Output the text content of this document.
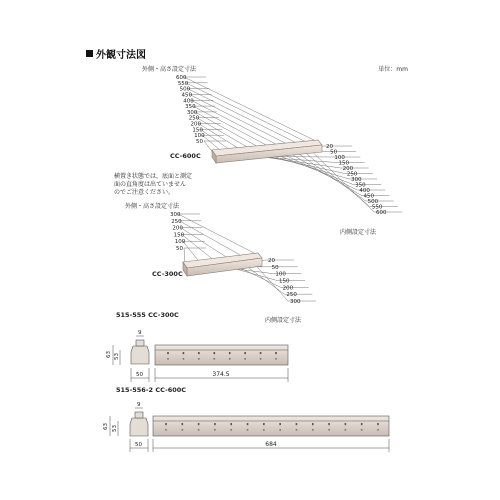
外観寸法図
単位：mm
外側・高さ設定寸法
600
550
500
450
400
350
300
250
200
150
100
50
20
50
100
150
200
250
300
350
400
450
500
550
600
CC-600C
内側設定寸法
横置き状態では，底面と測定
面の直角度は出ていません
のでご注意ください。
外側・高さ設定寸法
300
250
200
150
100
50
20
50
100
150
200
250
300
CC-300C
内側設定寸法
515-555 CC-300C
63 53
9
50	374.5
515-556-2 CC-600C
63 53
9
50	684
